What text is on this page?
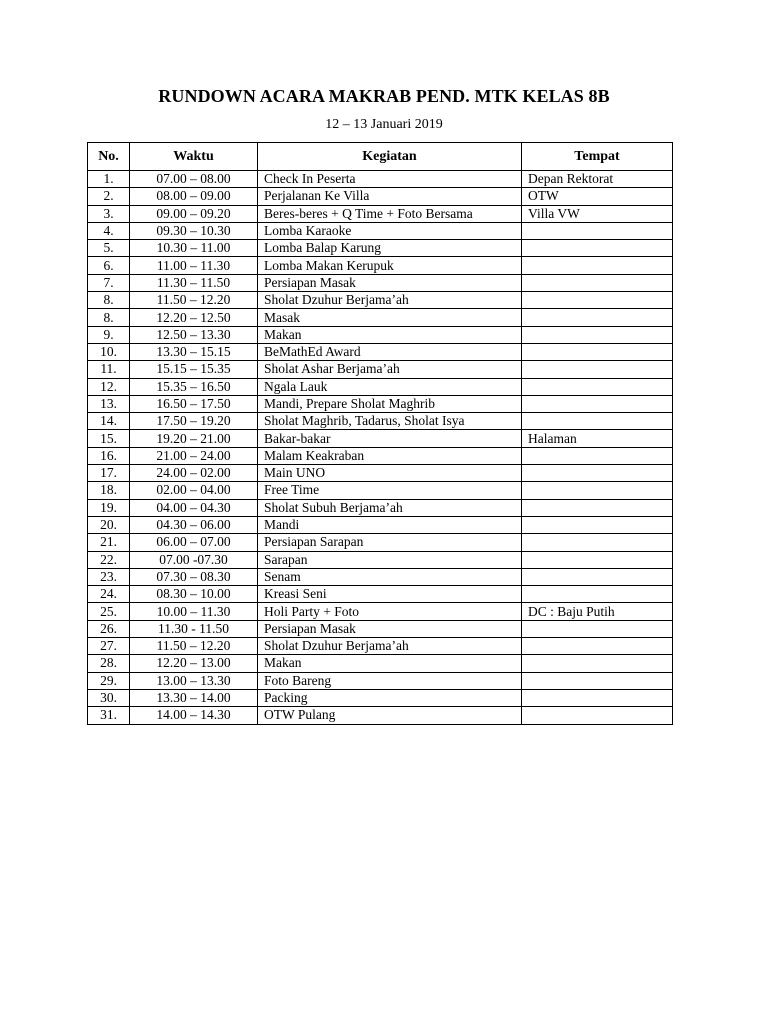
RUNDOWN ACARA MAKRAB PEND. MTK KELAS 8B
12 – 13 Januari 2019
No.	Waktu	Kegiatan	Tempat
1.	07.00 – 08.00	Check In Peserta	Depan Rektorat
2.	08.00 – 09.00	Perjalanan Ke Villa	OTW
3.	09.00 – 09.20	Beres-beres + Q Time + Foto Bersama	Villa VW
4.	09.30 – 10.30	Lomba Karaoke	
5.	10.30 – 11.00	Lomba Balap Karung	
6.	11.00 – 11.30	Lomba Makan Kerupuk	
7.	11.30 – 11.50	Persiapan Masak	
8.	11.50 – 12.20	Sholat Dzuhur Berjama’ah	
8.	12.20 – 12.50	Masak	
9.	12.50 – 13.30	Makan	
10.	13.30 – 15.15	BeMathEd Award	
11.	15.15 – 15.35	Sholat Ashar Berjama’ah	
12.	15.35 – 16.50	Ngala Lauk	
13.	16.50 – 17.50	Mandi, Prepare Sholat Maghrib	
14.	17.50 – 19.20	Sholat Maghrib, Tadarus, Sholat Isya	
15.	19.20 – 21.00	Bakar-bakar	Halaman
16.	21.00 – 24.00	Malam Keakraban	
17.	24.00 – 02.00	Main UNO	
18.	02.00 – 04.00	Free Time	
19.	04.00 – 04.30	Sholat Subuh Berjama’ah	
20.	04.30 – 06.00	Mandi	
21.	06.00 – 07.00	Persiapan Sarapan	
22.	07.00 -07.30	Sarapan	
23.	07.30 – 08.30	Senam	
24.	08.30 – 10.00	Kreasi Seni	
25.	10.00 – 11.30	Holi Party + Foto	DC : Baju Putih
26.	11.30 - 11.50	Persiapan Masak	
27.	11.50 – 12.20	Sholat Dzuhur Berjama’ah	
28.	12.20 – 13.00	Makan	
29.	13.00 – 13.30	Foto Bareng	
30.	13.30 – 14.00	Packing	
31.	14.00 – 14.30	OTW Pulang	
